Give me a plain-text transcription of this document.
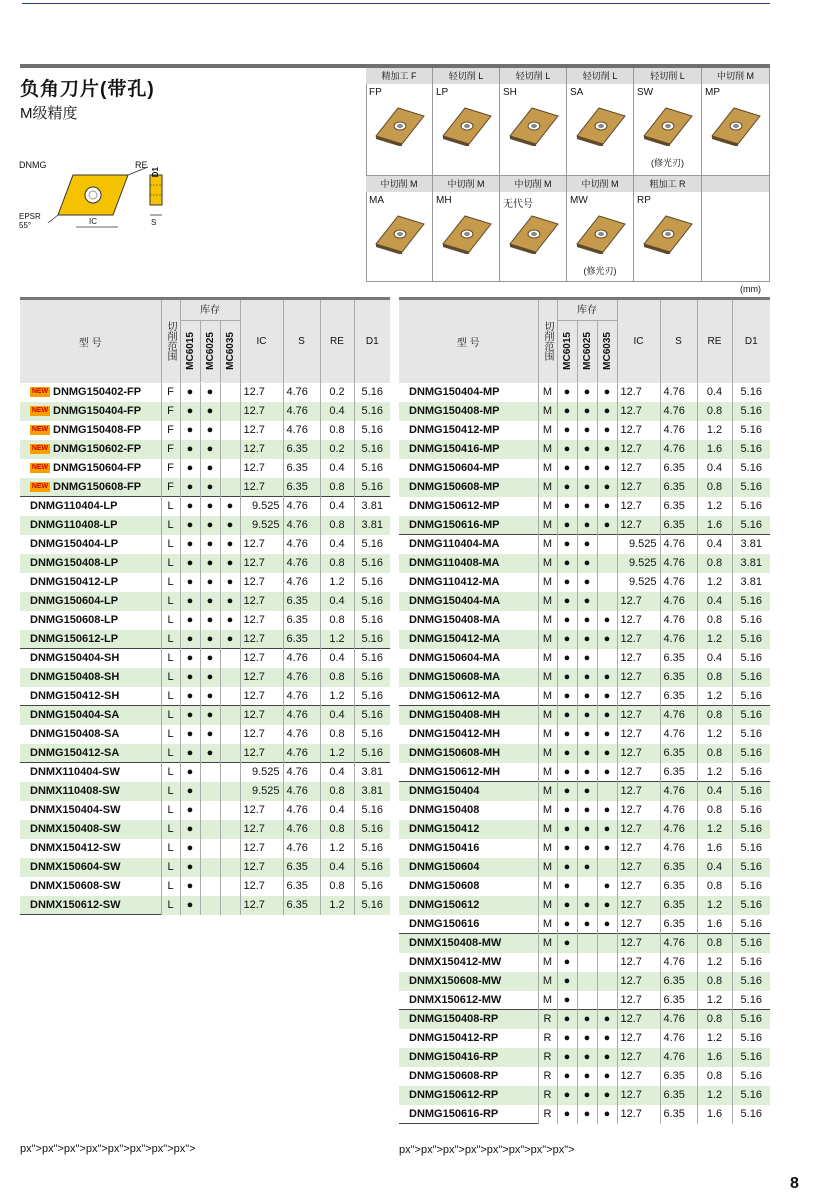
负角刀片(带孔)
M级精度
DNMG	RE
D1
EPSR
55°	IC	S
精加工 F
FP
轻切削 L
LP
轻切削 L
SH
轻切削 L
SA
轻切削 L
SW
(修光刃)
中切削 M
MP
中切削 M
MA
中切削 M
MH
中切削 M
无代号
中切削 M
MW
(修光刃)
粗加工 R
RP
(mm)
型 号	切削范围	库存
MC6015 MC6025 MC6035			IC	S	RE	D1
NEW DNMG150402-FP	F	●	●		12.7	4.76	0.2	5.16
NEW DNMG150404-FP	F	●	●		12.7	4.76	0.4	5.16
NEW DNMG150408-FP	F	●	●		12.7	4.76	0.8	5.16
NEW DNMG150602-FP	F	●	●		12.7	6.35	0.2	5.16
NEW DNMG150604-FP	F	●	●		12.7	6.35	0.4	5.16
NEW DNMG150608-FP	F	●	●		12.7	6.35	0.8	5.16
DNMG110404-LP	L	●	●	●	9.525	4.76	0.4	3.81
DNMG110408-LP	L	●	●	●	9.525	4.76	0.8	3.81
DNMG150404-LP	L	●	●	●	12.7	4.76	0.4	5.16
DNMG150408-LP	L	●	●	●	12.7	4.76	0.8	5.16
DNMG150412-LP	L	●	●	●	12.7	4.76	1.2	5.16
DNMG150604-LP	L	●	●	●	12.7	6.35	0.4	5.16
DNMG150608-LP	L	●	●	●	12.7	6.35	0.8	5.16
DNMG150612-LP	L	●	●	●	12.7	6.35	1.2	5.16
DNMG150404-SH	L	●	●		12.7	4.76	0.4	5.16
DNMG150408-SH	L	●	●		12.7	4.76	0.8	5.16
DNMG150412-SH	L	●	●		12.7	4.76	1.2	5.16
DNMG150404-SA	L	●	●		12.7	4.76	0.4	5.16
DNMG150408-SA	L	●	●		12.7	4.76	0.8	5.16
DNMG150412-SA	L	●	●		12.7	4.76	1.2	5.16
DNMX110404-SW	L	●			9.525	4.76	0.4	3.81
DNMX110408-SW	L	●			9.525	4.76	0.8	3.81
DNMX150404-SW	L	●			12.7	4.76	0.4	5.16
DNMX150408-SW	L	●			12.7	4.76	0.8	5.16
DNMX150412-SW	L	●			12.7	4.76	1.2	5.16
DNMX150604-SW	L	●			12.7	6.35	0.4	5.16
DNMX150608-SW	L	●			12.7	6.35	0.8	5.16
DNMX150612-SW	L	●			12.7	6.35	1.2	5.16

px">px">px">px">px">px">px">px">
型 号	切削范围	库存
MC6015 MC6025 MC6035			IC	S	RE	D1
DNMG150404-MP	M	●	●	●	12.7	4.76	0.4	5.16
DNMG150408-MP	M	●	●	●	12.7	4.76	0.8	5.16
DNMG150412-MP	M	●	●	●	12.7	4.76	1.2	5.16
DNMG150416-MP	M	●	●	●	12.7	4.76	1.6	5.16
DNMG150604-MP	M	●	●	●	12.7	6.35	0.4	5.16
DNMG150608-MP	M	●	●	●	12.7	6.35	0.8	5.16
DNMG150612-MP	M	●	●	●	12.7	6.35	1.2	5.16
DNMG150616-MP	M	●	●	●	12.7	6.35	1.6	5.16
DNMG110404-MA	M	●	●		9.525	4.76	0.4	3.81
DNMG110408-MA	M	●	●		9.525	4.76	0.8	3.81
DNMG110412-MA	M	●	●		9.525	4.76	1.2	3.81
DNMG150404-MA	M	●	●		12.7	4.76	0.4	5.16
DNMG150408-MA	M	●	●	●	12.7	4.76	0.8	5.16
DNMG150412-MA	M	●	●	●	12.7	4.76	1.2	5.16
DNMG150604-MA	M	●	●		12.7	6.35	0.4	5.16
DNMG150608-MA	M	●	●	●	12.7	6.35	0.8	5.16
DNMG150612-MA	M	●	●	●	12.7	6.35	1.2	5.16
DNMG150408-MH	M	●	●	●	12.7	4.76	0.8	5.16
DNMG150412-MH	M	●	●	●	12.7	4.76	1.2	5.16
DNMG150608-MH	M	●	●	●	12.7	6.35	0.8	5.16
DNMG150612-MH	M	●	●	●	12.7	6.35	1.2	5.16
DNMG150404	M	●	●		12.7	4.76	0.4	5.16
DNMG150408	M	●	●	●	12.7	4.76	0.8	5.16
DNMG150412	M	●	●	●	12.7	4.76	1.2	5.16
DNMG150416	M	●	●	●	12.7	4.76	1.6	5.16
DNMG150604	M	●	●		12.7	6.35	0.4	5.16
DNMG150608	M	●		●	12.7	6.35	0.8	5.16
DNMG150612	M	●	●	●	12.7	6.35	1.2	5.16
DNMG150616	M	●	●	●	12.7	6.35	1.6	5.16
DNMX150408-MW	M	●			12.7	4.76	0.8	5.16
DNMX150412-MW	M	●			12.7	4.76	1.2	5.16
DNMX150608-MW	M	●			12.7	6.35	0.8	5.16
DNMX150612-MW	M	●			12.7	6.35	1.2	5.16
DNMG150408-RP	R	●	●	●	12.7	4.76	0.8	5.16
DNMG150412-RP	R	●	●	●	12.7	4.76	1.2	5.16
DNMG150416-RP	R	●	●	●	12.7	4.76	1.6	5.16
DNMG150608-RP	R	●	●	●	12.7	6.35	0.8	5.16
DNMG150612-RP	R	●	●	●	12.7	6.35	1.2	5.16
DNMG150616-RP	R	●	●	●	12.7	6.35	1.6	5.16

px">px">px">px">px">px">px">px">
8
